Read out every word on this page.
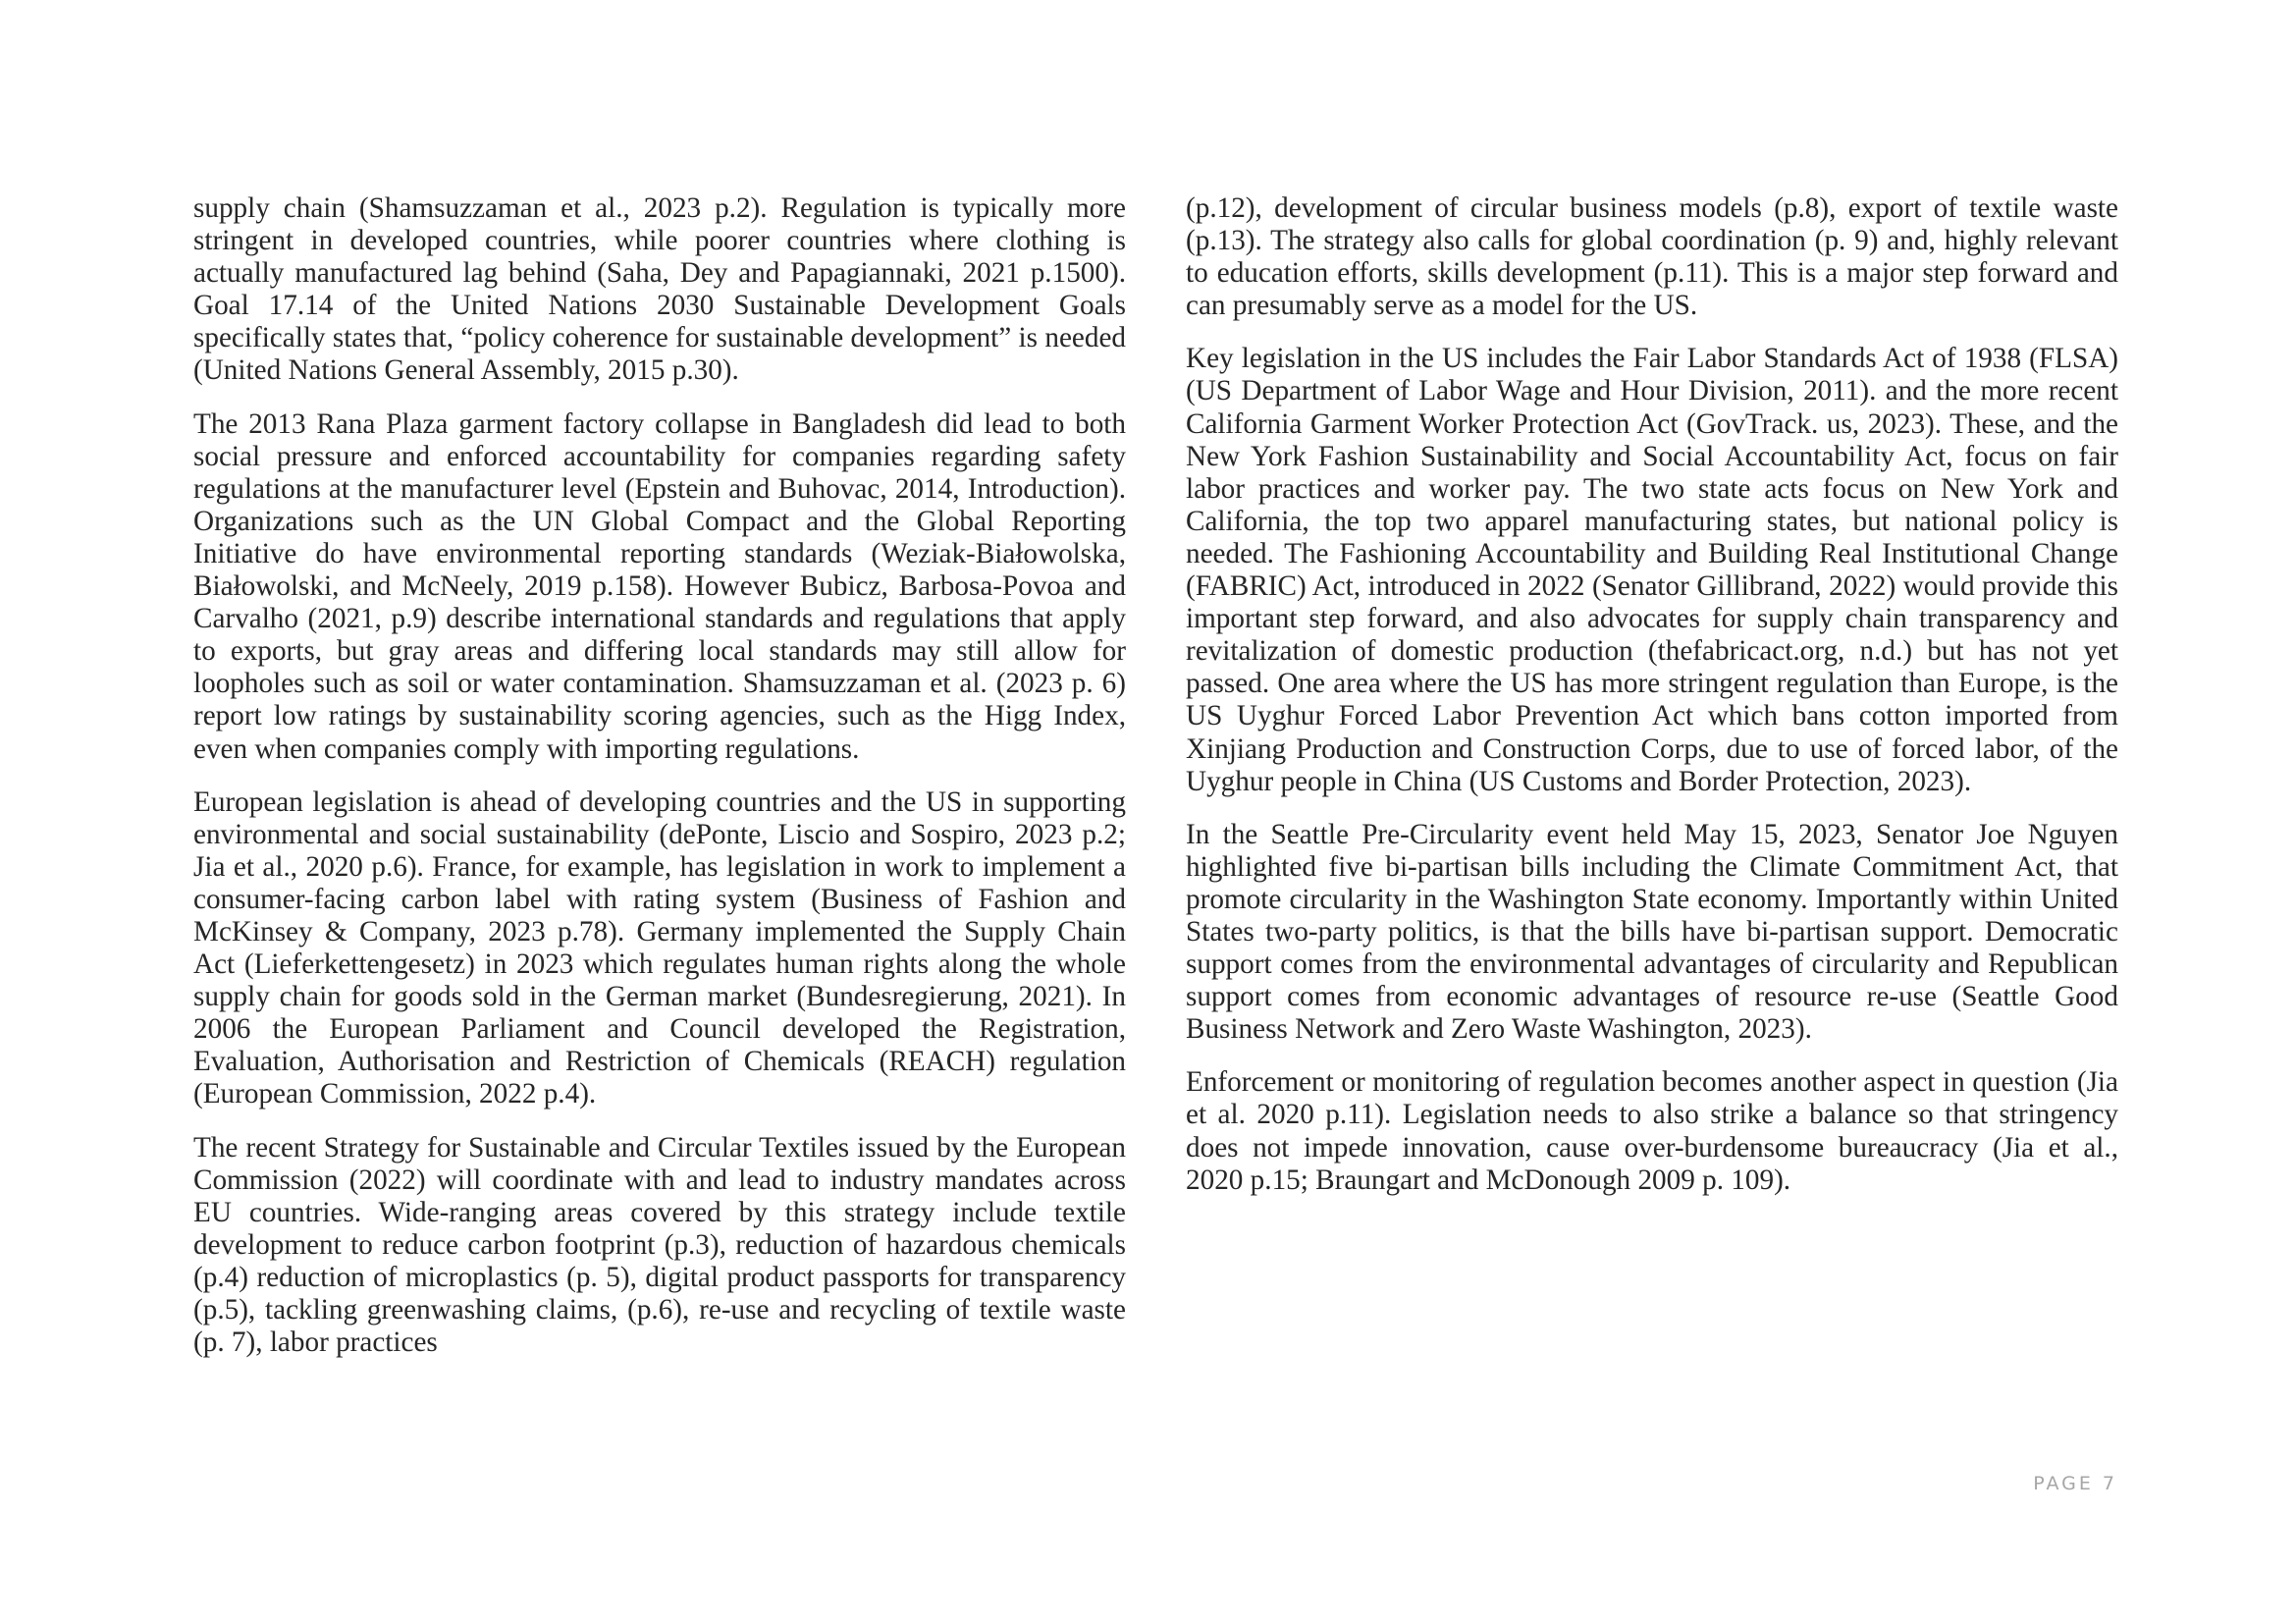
supply chain (Shamsuzzaman et al., 2023 p.2). Regulation is typically more stringent in developed countries, while poorer countries where clothing is actually manufactured lag behind (Saha, Dey and Papagiannaki, 2021 p.1500). Goal 17.14 of the United Nations 2030 Sustainable Development Goals specifically states that, “policy coherence for sustainable development” is needed (United Nations General Assembly, 2015 p.30).

The 2013 Rana Plaza garment factory collapse in Bangladesh did lead to both social pressure and enforced accountability for companies regarding safety regulations at the manufacturer level (Epstein and Buhovac, 2014, Introduction). Organizations such as the UN Global Compact and the Global Reporting Initiative do have environmental reporting standards (Weziak-Białowolska, Białowolski, and McNeely, 2019 p.158). However Bubicz, Barbosa-Povoa and Carvalho (2021, p.9) describe international standards and regulations that apply to exports, but gray areas and differing local standards may still allow for loopholes such as soil or water contamination. Shamsuzzaman et al. (2023 p. 6) report low ratings by sustainability scoring agencies, such as the Higg Index, even when companies comply with importing regulations.

European legislation is ahead of developing countries and the US in supporting environmental and social sustainability (dePonte, Liscio and Sospiro, 2023 p.2; Jia et al., 2020 p.6). France, for example, has legislation in work to implement a consumer-facing carbon label with rating system (Business of Fashion and McKinsey & Company, 2023 p.78). Germany implemented the Supply Chain Act (Lieferkettengesetz) in 2023 which regulates human rights along the whole supply chain for goods sold in the German market (Bundesregierung, 2021). In 2006 the European Parliament and Council developed the Registration, Evaluation, Authorisation and Restriction of Chemicals (REACH) regulation (European Commission, 2022 p.4).

The recent Strategy for Sustainable and Circular Textiles issued by the European Commission (2022) will coordinate with and lead to industry mandates across EU countries. Wide-ranging areas covered by this strategy include textile development to reduce carbon footprint (p.3), reduction of hazardous chemicals (p.4) reduction of microplastics (p. 5), digital product passports for transparency (p.5), tackling greenwashing claims, (p.6), re-use and recycling of textile waste (p. 7), labor practices

(p.12), development of circular business models (p.8), export of textile waste (p.13). The strategy also calls for global coordination (p. 9) and, highly relevant to education efforts, skills development (p.11). This is a major step forward and can presumably serve as a model for the US.

Key legislation in the US includes the Fair Labor Standards Act of 1938 (FLSA) (US Department of Labor Wage and Hour Division, 2011). and the more recent California Garment Worker Protection Act (GovTrack. us, 2023). These, and the New York Fashion Sustainability and Social Accountability Act, focus on fair labor practices and worker pay. The two state acts focus on New York and California, the top two apparel manufacturing states, but national policy is needed. The Fashioning Accountability and Building Real Institutional Change (FABRIC) Act, introduced in 2022 (Senator Gillibrand, 2022) would provide this important step forward, and also advocates for supply chain transparency and revitalization of domestic production (thefabricact.org, n.d.) but has not yet passed. One area where the US has more stringent regulation than Europe, is the US Uyghur Forced Labor Prevention Act which bans cotton imported from Xinjiang Production and Construction Corps, due to use of forced labor, of the Uyghur people in China (US Customs and Border Protection, 2023).

In the Seattle Pre-Circularity event held May 15, 2023, Senator Joe Nguyen highlighted five bi-partisan bills including the Climate Commitment Act, that promote circularity in the Washington State economy. Importantly within United States two-party politics, is that the bills have bi-partisan support. Democratic support comes from the environmental advantages of circularity and Republican support comes from economic advantages of resource re-use (Seattle Good Business Network and Zero Waste Washington, 2023).

Enforcement or monitoring of regulation becomes another aspect in question (Jia et al. 2020 p.11). Legislation needs to also strike a balance so that stringency does not impede innovation, cause over-burdensome bureaucracy (Jia et al., 2020 p.15; Braungart and McDonough 2009 p. 109).

PAGE 7
